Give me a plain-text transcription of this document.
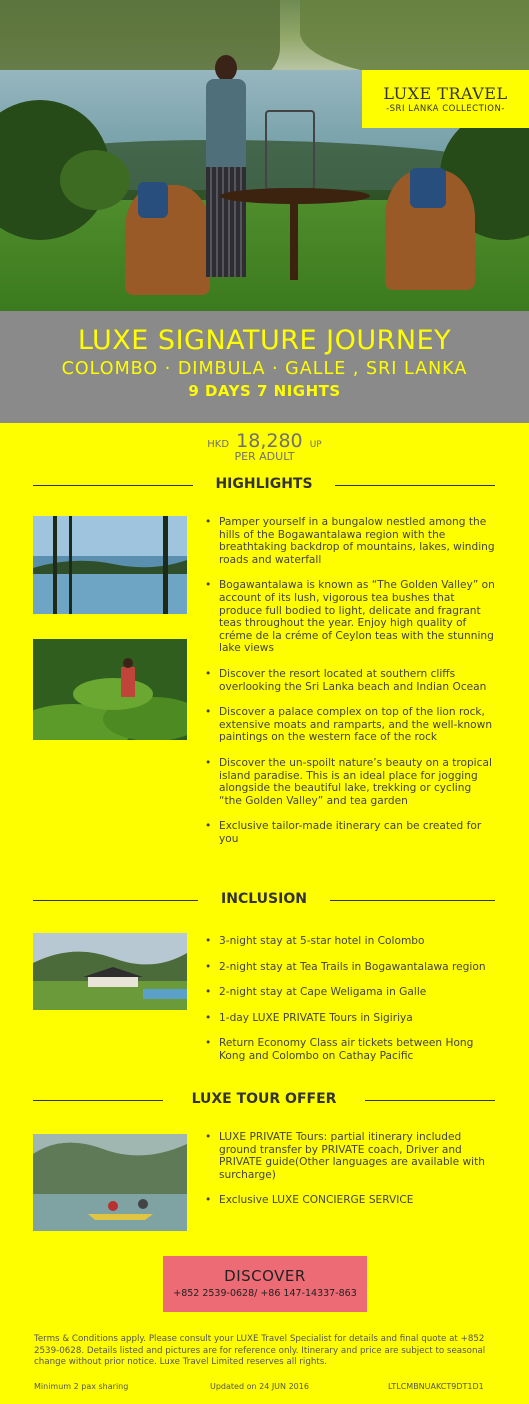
LUXE TRAVEL
-SRI LANKA COLLECTION-
LUXE SIGNATURE JOURNEY
COLOMBO · DIMBULA · GALLE , SRI LANKA
9 DAYS 7 NIGHTS
HKD 18,280 UP
PER ADULT
HIGHLIGHTS
• Pamper yourself in a bungalow nestled among the hills of the Bogawantalawa region with the breathtaking backdrop of mountains, lakes, winding roads and waterfall
• Bogawantalawa is known as “The Golden Valley” on account of its lush, vigorous tea bushes that produce full bodied to light, delicate and fragrant teas throughout the year. Enjoy high quality of créme de la créme of Ceylon teas with the stunning lake views
• Discover the resort located at southern cliffs overlooking the Sri Lanka beach and Indian Ocean
• Discover a palace complex on top of the lion rock, extensive moats and ramparts, and the well-known paintings on the western face of the rock
• Discover the un-spoilt nature’s beauty on a tropical island paradise. This is an ideal place for jogging alongside the beautiful lake, trekking or cycling “the Golden Valley” and tea garden
• Exclusive tailor-made itinerary can be created for you
INCLUSION
• 3-night stay at 5-star hotel in Colombo
• 2-night stay at Tea Trails in Bogawantalawa region
• 2-night stay at Cape Weligama in Galle
• 1-day LUXE PRIVATE Tours in Sigiriya
• Return Economy Class air tickets between Hong Kong and Colombo on Cathay Pacific
LUXE TOUR OFFER
• LUXE PRIVATE Tours: partial itinerary included ground transfer by PRIVATE coach, Driver and PRIVATE guide(Other languages are available with surcharge)
• Exclusive LUXE CONCIERGE SERVICE
DISCOVER
+852 2539-0628/ +86 147-14337-863
Terms & Conditions apply. Please consult your LUXE Travel Specialist for details and final quote at +852 2539-0628. Details listed and pictures are for reference only. Itinerary and price are subject to seasonal change without prior notice. Luxe Travel Limited reserves all rights.
Minimum 2 pax sharing	Updated on 24 JUN 2016	LTLCMBNUAKCT9DT1D1
